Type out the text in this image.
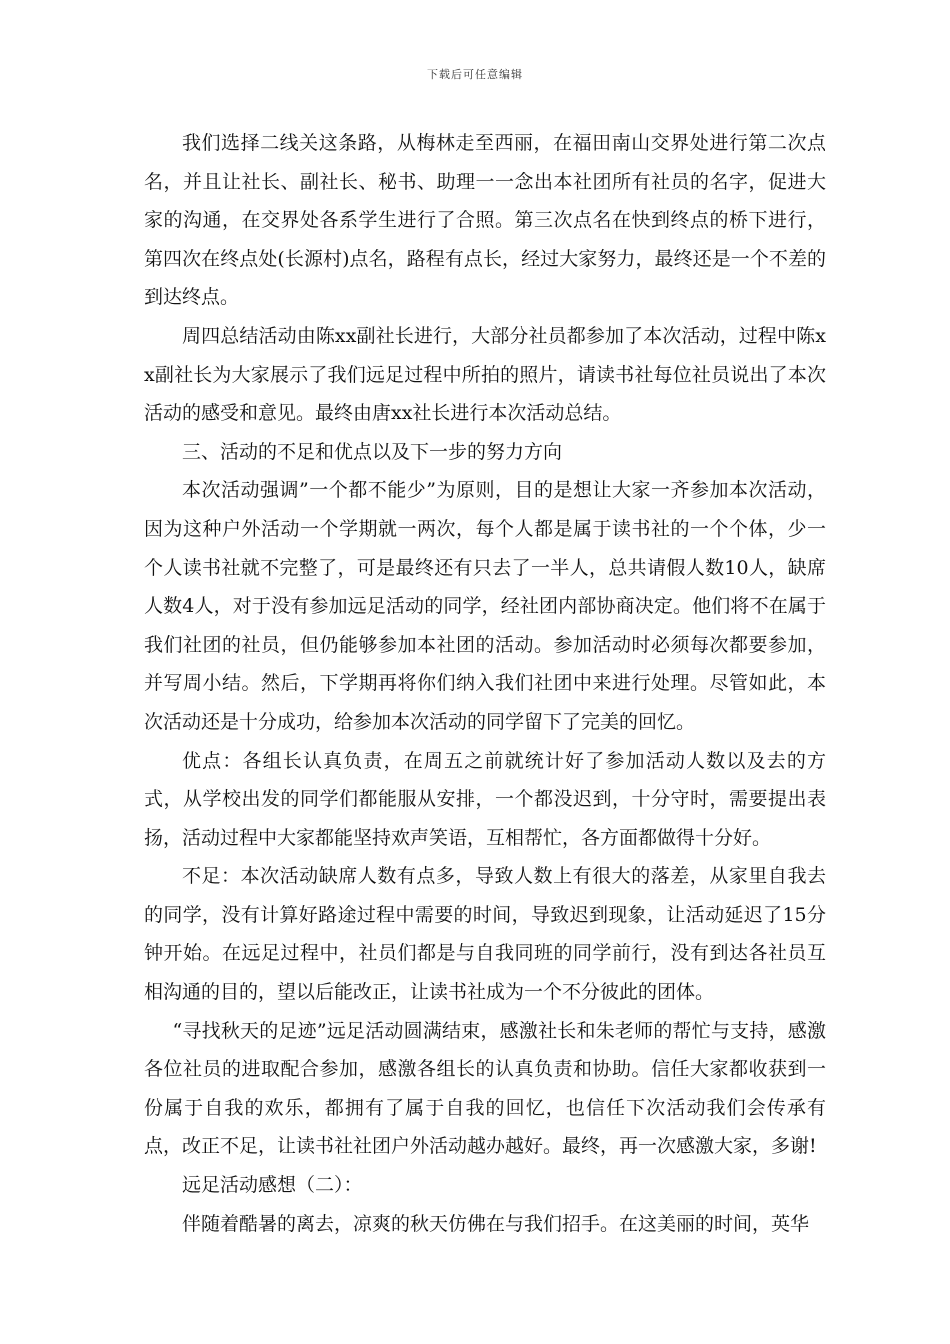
下载后可任意编辑

我们选择二线关这条路，从梅林走至西丽，在福田南山交界处进行第二次点名，并且让社长、副社长、秘书、助理一一念出本社团所有社员的名字，促进大家的沟通，在交界处各系学生进行了合照。第三次点名在快到终点的桥下进行，第四次在终点处(长源村)点名，路程有点长，经过大家努力，最终还是一个不差的到达终点。

周四总结活动由陈xx副社长进行，大部分社员都参加了本次活动，过程中陈xx副社长为大家展示了我们远足过程中所拍的照片，请读书社每位社员说出了本次活动的感受和意见。最终由唐xx社长进行本次活动总结。

三、活动的不足和优点以及下一步的努力方向

本次活动强调”一个都不能少”为原则，目的是想让大家一齐参加本次活动，因为这种户外活动一个学期就一两次，每个人都是属于读书社的一个个体，少一个人读书社就不完整了，可是最终还有只去了一半人，总共请假人数10人，缺席人数4人，对于没有参加远足活动的同学，经社团内部协商决定。他们将不在属于我们社团的社员，但仍能够参加本社团的活动。参加活动时必须每次都要参加，并写周小结。然后，下学期再将你们纳入我们社团中来进行处理。尽管如此，本次活动还是十分成功，给参加本次活动的同学留下了完美的回忆。

优点：各组长认真负责，在周五之前就统计好了参加活动人数以及去的方式，从学校出发的同学们都能服从安排，一个都没迟到，十分守时，需要提出表扬，活动过程中大家都能坚持欢声笑语，互相帮忙，各方面都做得十分好。

不足：本次活动缺席人数有点多，导致人数上有很大的落差，从家里自我去的同学，没有计算好路途过程中需要的时间，导致迟到现象，让活动延迟了15分钟开始。在远足过程中，社员们都是与自我同班的同学前行，没有到达各社员互相沟通的目的，望以后能改正，让读书社成为一个不分彼此的团体。

“寻找秋天的足迹”远足活动圆满结束，感激社长和朱老师的帮忙与支持，感激各位社员的进取配合参加，感激各组长的认真负责和协助。信任大家都收获到一份属于自我的欢乐，都拥有了属于自我的回忆，也信任下次活动我们会传承有点，改正不足，让读书社社团户外活动越办越好。最终，再一次感激大家，多谢!

远足活动感想（二）：

伴随着酷暑的离去，凉爽的秋天仿佛在与我们招手。在这美丽的时间，英华
